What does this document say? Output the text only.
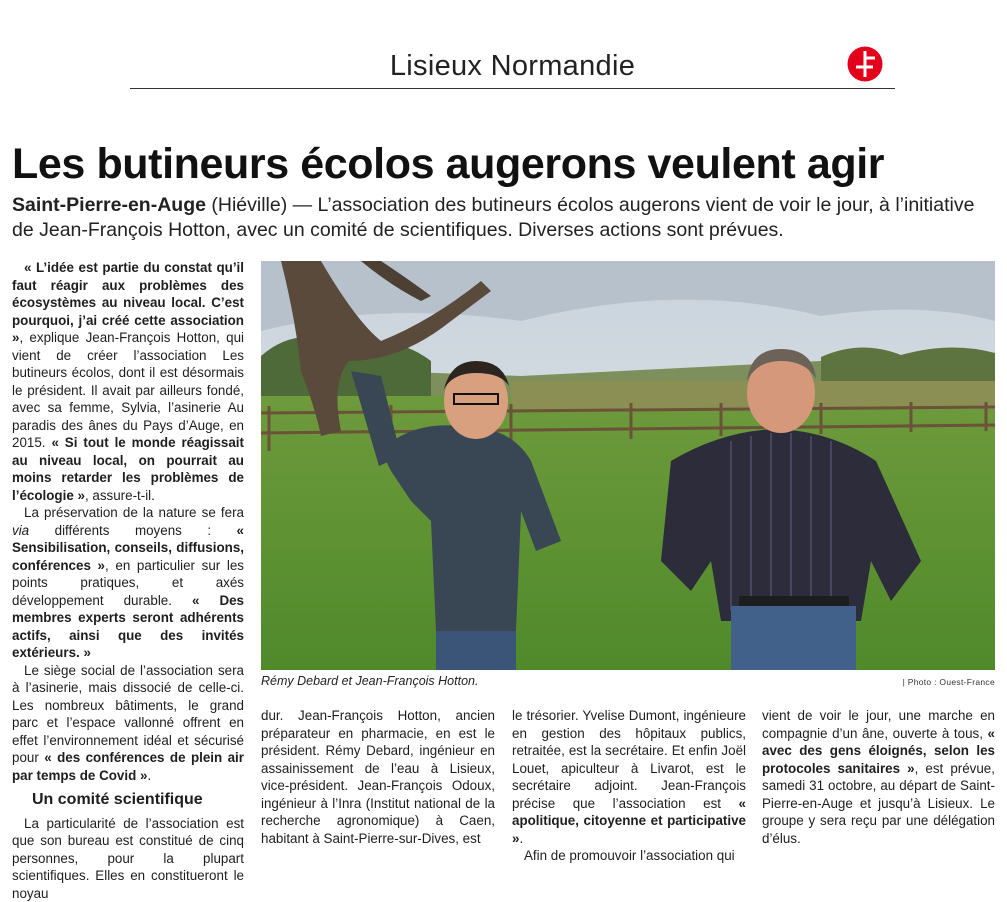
Lisieux Normandie
Les butineurs écolos augerons veulent agir
Saint-Pierre-en-Auge (Hiéville) — L’association des butineurs écolos augerons vient de voir le jour, à l’initiative de Jean-François Hotton, avec un comité de scientifiques. Diverses actions sont prévues.

« L’idée est partie du constat qu’il faut réagir aux problèmes des écosystèmes au niveau local. C’est pourquoi, j’ai créé cette association », explique Jean-François Hotton, qui vient de créer l’association Les butineurs écolos, dont il est désormais le président. Il avait par ailleurs fondé, avec sa femme, Sylvia, l’asinerie Au paradis des ânes du Pays d’Auge, en 2015. « Si tout le monde réagissait au niveau local, on pourrait au moins retarder les problèmes de l’écologie », assure-t-il.

La préservation de la nature se fera via différents moyens : « Sensibilisation, conseils, diffusions, conférences », en particulier sur les points pratiques, et axés développement durable. « Des membres experts seront adhérents actifs, ainsi que des invités extérieurs. »

Le siège social de l’association sera à l’asinerie, mais dissocié de celle-ci. Les nombreux bâtiments, le grand parc et l’espace vallonné offrent en effet l’environnement idéal et sécurisé pour « des conférences de plein air par temps de Covid ».

Un comité scientifique

La particularité de l’association est que son bureau est constitué de cinq personnes, pour la plupart scientifiques. Elles en constitueront le noyau

Rémy Debard et Jean-François Hotton.	| Photo : Ouest-France

dur. Jean-François Hotton, ancien préparateur en pharmacie, en est le président. Rémy Debard, ingénieur en assainissement de l’eau à Lisieux, vice-président. Jean-François Odoux, ingénieur à l’Inra (Institut national de la recherche agronomique) à Caen, habitant à Saint-Pierre-sur-Dives, est

le trésorier. Yvelise Dumont, ingénieure en gestion des hôpitaux publics, retraitée, est la secrétaire. Et enfin Joël Louet, apiculteur à Livarot, est le secrétaire adjoint. Jean-François précise que l’association est « apolitique, citoyenne et participative ».

Afin de promouvoir l’association qui

vient de voir le jour, une marche en compagnie d’un âne, ouverte à tous, « avec des gens éloignés, selon les protocoles sanitaires », est prévue, samedi 31 octobre, au départ de Saint-Pierre-en-Auge et jusqu’à Lisieux. Le groupe y sera reçu par une délégation d’élus.
